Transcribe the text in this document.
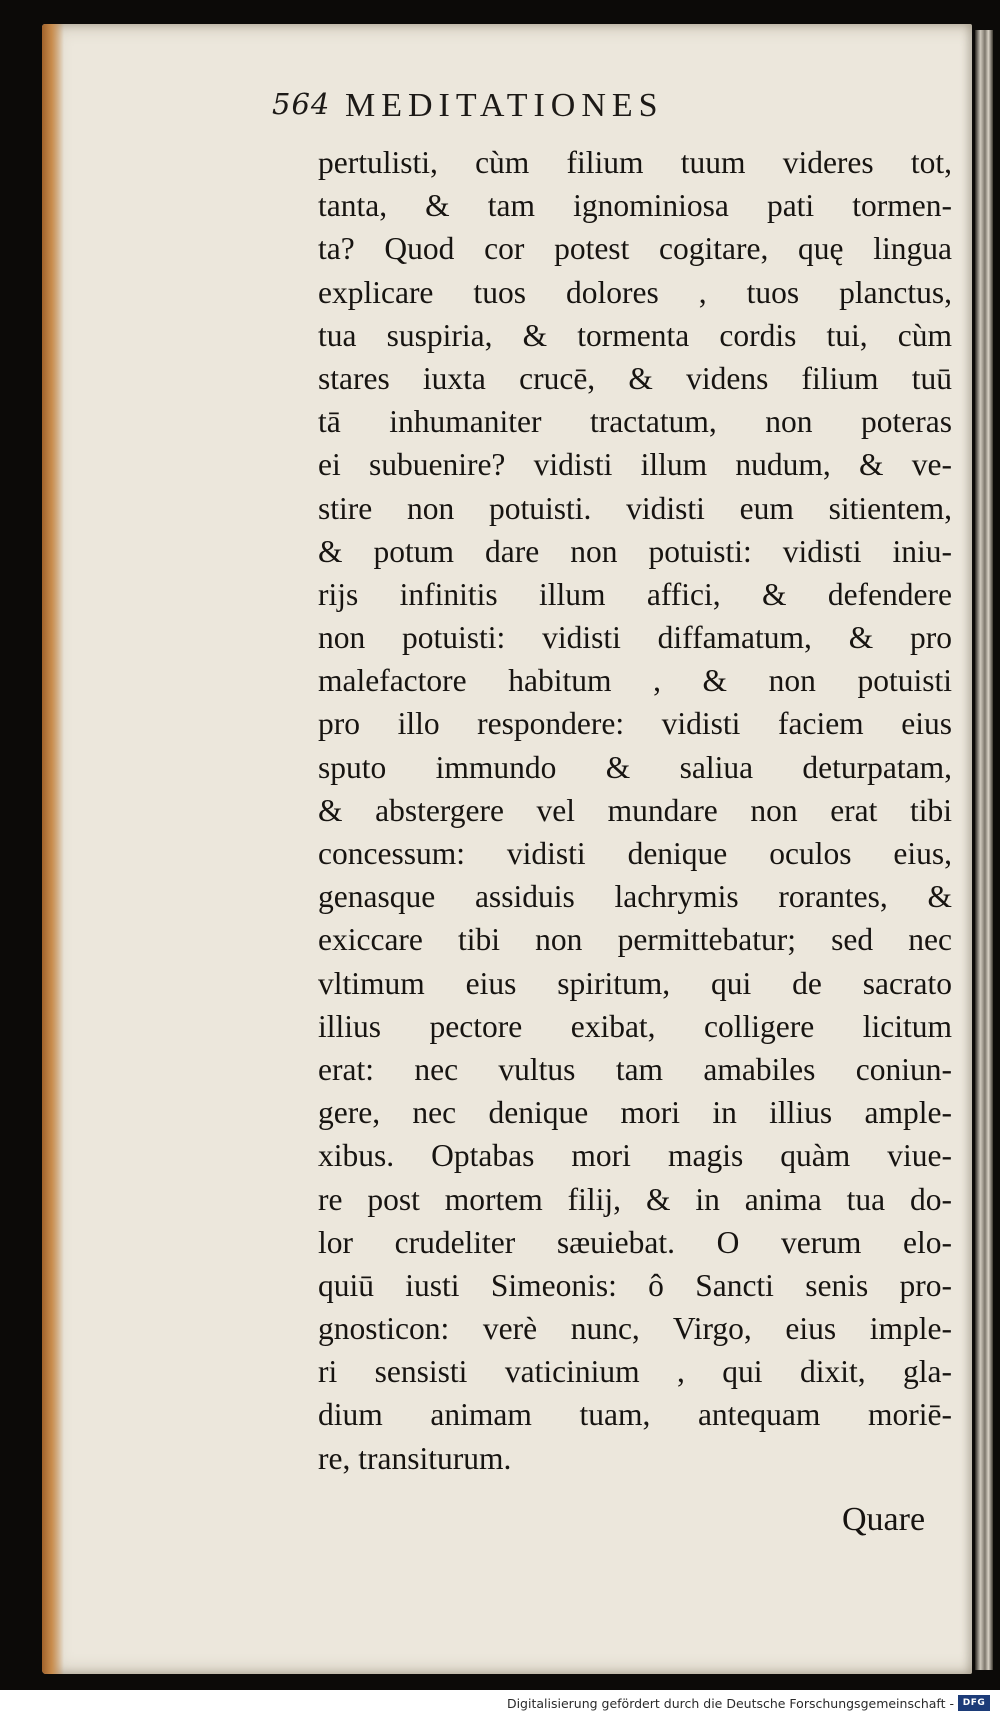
564 MEDITATIONES
pertulisti, cùm filium tuum videres tot,
tanta, & tam ignominiosa pati tormen-
ta? Quod cor potest cogitare, quę lingua
explicare tuos dolores , tuos planctus,
tua suspiria, & tormenta cordis tui, cùm
stares iuxta crucē, & videns filium tuū
tā inhumaniter tractatum, non poteras
ei subuenire? vidisti illum nudum, & ve-
stire non potuisti. vidisti eum sitientem,
& potum dare non potuisti: vidisti iniu-
rijs infinitis illum affici, & defendere
non potuisti: vidisti diffamatum, & pro
malefactore habitum , & non potuisti
pro illo respondere: vidisti faciem eius
sputo immundo & saliua deturpatam,
& abstergere vel mundare non erat tibi
concessum: vidisti denique oculos eius,
genasque assiduis lachrymis rorantes, &
exiccare tibi non permittebatur; sed nec
vltimum eius spiritum, qui de sacrato
illius pectore exibat, colligere licitum
erat: nec vultus tam amabiles coniun-
gere, nec denique mori in illius ample-
xibus. Optabas mori magis quàm viue-
re post mortem filij, & in anima tua do-
lor crudeliter sæuiebat. O verum elo-
quiū iusti Simeonis: ô Sancti senis pro-
gnosticon: verè nunc, Virgo, eius imple-
ri sensisti vaticinium , qui dixit, gla-
dium animam tuam, antequam moriē-
re, transiturum.
Quare
Digitalisierung gefördert durch die Deutsche Forschungsgemeinschaft - DFG
